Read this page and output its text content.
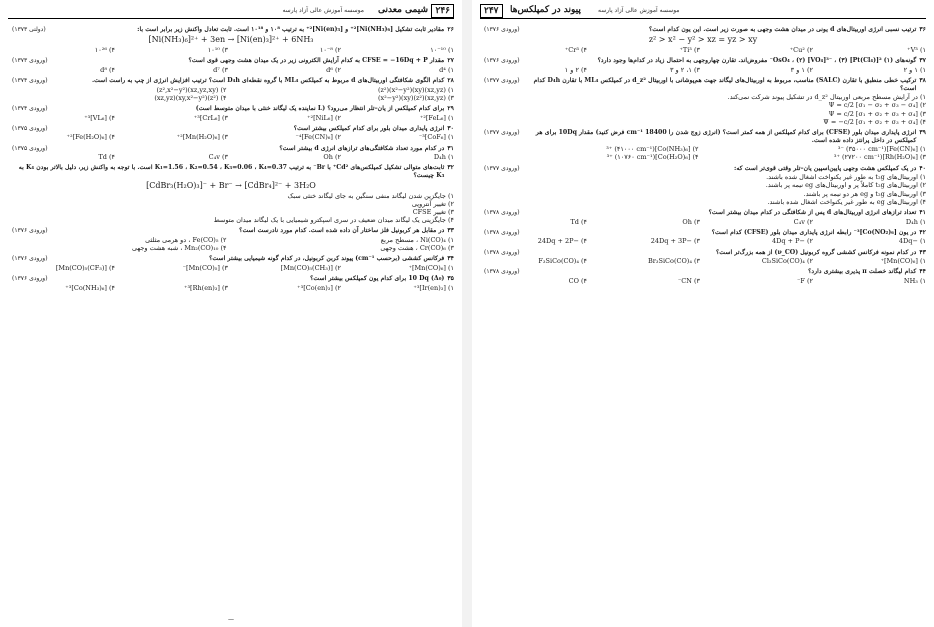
۲۴۶
شیمی معدنی
موسسه آموزش عالی آزاد پارسه
۲۶
مقادیر ثابت تشکیل [Ni(NH₃)₆]²⁺ و [Ni(en)₃]²⁺ به ترتیب ۱۰⁸ و ۱۰¹⁸ است. ثابت تعادل واکنش زیر برابر است با:
(دولتی ۱۳۷۳)
[Ni(NH₃)₆]²⁺ + 3en → [Ni(en)₃]²⁺ + 6NH₃
۱) ۱۰⁻¹⁰
۲) ۱۰⁻⁸
۳) ۱۰¹⁰
۴) ۱۰²⁶
۲۷
مقدار CFSE = −16Dq + P به کدام آرایش الکترونی زیر در یک میدان هشت وجهی قوی است؟
(ورودی ۱۳۷۳)
۱) d⁴
۲) d⁶
۳) d⁷
۴) d⁸
۲۸
کدام الگوی شکافتگی اوربیتال‌های d مربوط به کمپلکس ML₄ با گروه نقطه‌ای D₄h است؟ ترتیب افزایش انرژی از چپ به راست است.
(ورودی ۱۳۷۴)
۱) (xz,yz)(xy)(x²−y²)(z²)
۲) (xz,yz,xy)(z²,x²−y²)
۳) (xz,yz)(z²)(xy)(x²−y²)
۴) (z²)(xy,x²−y²)(xz,yz)
۲۹
برای کدام کمپلکس از یان–تلر انتظار می‌رود؟ (L نماینده یک لیگاند خنثی با میدان متوسط است)
(ورودی ۱۳۷۴)
۱) [FeL₆]²⁺
۲) [NiL₆]²⁺
۳) [CrL₆]³⁺
۴) [VL₆]³⁺
۳۰
انرژی پایداری میدان بلور برای کدام کمپلکس بیشتر است؟
(ورودی ۱۳۷۵)
۱) [CoF₆]³⁻
۲) [Fe(CN)₆]⁴⁻
۳) [Mn(H₂O)₆]²⁺
۴) [Fe(H₂O)₆]²⁺
۳۱
در کدام مورد تعداد شکافتگی‌های ترازهای انرژی d بیشتر است؟
(ورودی ۱۳۷۵)
۱) D₄h
۲) Oh
۳) C₄v
۴) Td
۳۲
ثابت‌های متوالی تشکیل کمپلکس‌های Cd²⁺ با Br⁻ به ترتیب K₁=1.56 ، K₂=0.54 ، K₃=0.06 ، K₄=0.37 است. با توجه به واکنش زیر، دلیل بالاتر بودن K₄ به K₃ چیست؟
[CdBr₃(H₂O)₃]⁻ + Br⁻ → [CdBr₄]²⁻ + 3H₂O
۱) جایگزین شدن لیگاند منفی سنگین به جای لیگاند خنثی سبک
۲) تغییر آنتروپی
۳) تغییر CFSE
۴) جایگزینی یک لیگاند میدان ضعیف در سری اسپکترو شیمیایی با یک لیگاند میدان متوسط
۳۳
در مقابل هر کربونیل فلز ساختار آن داده شده است. کدام مورد نادرست است؟
(ورودی ۱۳۷۶)
۱) Ni(CO)₄ ، مسطح مربع
۲) Fe(CO)₅ ، دو هرمی مثلثی
۳) Cr(CO)₆ ، هشت وجهی
۴) Mn₂(CO)₁₀ ، شبه هشت وجهی
۳۴
فرکانس کششی (برحسب cm⁻¹) پیوند کربن کربونیل، در کدام گونه شیمیایی بیشتر است؟
(ورودی ۱۳۷۶)
۱) [Mn(CO)₆]⁺
۲) [Mn(CO)₅(CH₃)]
۳) [Mn(CO)₅]⁻
۴) [Mn(CO)₅(CF₃)]
۳۵
(Δ₀) 10 Dq برای کدام یون کمپلکس بیشتر است؟
(ورودی ۱۳۷۶)
۱) [Ir(en)₃]³⁺
۲) [Co(en)₃]³⁺
۳) [Rh(en)₃]³⁺
۴) [Co(NH₃)₆]³⁺
—
۲۴۷	پیوند در کمپلکس‌ها	موسسه آموزش عالی آزاد پارسه
۳۶
ترتیب نسبی انرژی اوربیتال‌های d یونی در میدان هشت وجهی به صورت زیر است. این یون کدام است؟
(ورودی ۱۳۷۶)
z² > x² − y² > xz = yz > xy
۱) V³⁺
۲) Cu²⁺
۳) Ti³⁺
۴) Cr³⁺
۳۷
گونه‌های (۱) OsO₄ ، (۲) [VO₄]³⁻ ، (۳) [Pt(Cl₄)]²⁻ مفروض‌اند. تقارن چهاروجهی به احتمال زیاد در کدام‌ها وجود دارد؟
(ورودی ۱۳۷۶)
۱) ۱ و ۲
۲) ۱ و ۳
۳) ۱، ۲ و ۳
۴) ۲ و ۱
۳۸
ترکیب خطی منطبق با تقارن (SALC) مناسب، مربوط به اوربیتال‌های لیگاند جهت هم‌پوشانی با اوربیتال d_z² در کمپلکس ML₄ با تقارن D₄h کدام است؟
(ورودی ۱۳۷۷)
۱) در آرایش مسطح مربعی اوربیتال d_z² در تشکیل پیوند شرکت نمی‌کند.
۲) Ψ = c/2 [σ₁ − σ₂ + σ₃ − σ₄]
۳) Ψ = c/2 [σ₁ + σ₂ + σ₃ + σ₄]
۴) Ψ = −c/2 [σ₁ + σ₂ + σ₃ + σ₄]
۳۹
انرژی پایداری میدان بلور (CFSE) برای کدام کمپلکس از همه کمتر است؟ (انرژی زوج شدن را 18400 cm⁻¹ فرض کنید) مقدار 10Dq برای هر کمپلکس در داخل پرانتز داده شده است.
(ورودی ۱۳۷۷)
۱) [Fe(CN)₆]³⁻ (۳۵۰۰۰ cm⁻¹)
۲) [Co(NH₃)₆]³⁺ (۴۱۰۰۰ cm⁻¹)
۳) [Rh(H₂O)₆]³⁺ (۲۷۲۰۰ cm⁻¹)
۴) [Co(H₂O)₆]³⁺ (۱۰۷۶۰ cm⁻¹)
۴۰
در یک کمپلکس هشت وجهی پایین‌اسپین یان–تلر وقتی قوی‌تر است که:
(ورودی ۱۳۷۷)
۱) اوربیتال‌های t₂g به طور غیر یکنواخت اشغال شده باشند.
۲) اوربیتال‌های t₂g کاملاً پر و اوربیتال‌های eg نیمه پر باشند.
۳) اوربیتال‌های t₂g و eg هر دو نیمه پر باشند.
۴) اوربیتال‌های eg به طور غیر یکنواخت اشغال شده باشند.
۴۱
تعداد ترازهای انرژی اوربیتال‌های d پس از شکافتگی در کدام میدان بیشتر است؟
(ورودی ۱۳۷۸)
۱) D₄h
۲) C₄v
۳) Oh
۴) Td
۴۲
در یون [Co(NO₂)₆]³⁻ رابطه انرژی پایداری میدان بلور (CFSE) کدام است؟
(ورودی ۱۳۷۸)
۱) −4Dq
۲) −4Dq + P
۳) −24Dq + 3P
۴) −24Dq + 2P
۴۳
در کدام نمونه فرکانس کششی گروه کربونیل (ν_CO) از همه بزرگ‌تر است؟
(ورودی ۱۳۷۸)
۱) [Mn(CO)₆]⁺
۲) Cl₃SiCo(CO)₄
۳) Br₃SiCo(CO)₄
۴) F₃SiCo(CO)₄
۴۴
کدام لیگاند خصلت π پذیری بیشتری دارد؟
(ورودی ۱۳۷۸)
۱) NH₃
۲) F⁻
۳) CN⁻
۴) CO
